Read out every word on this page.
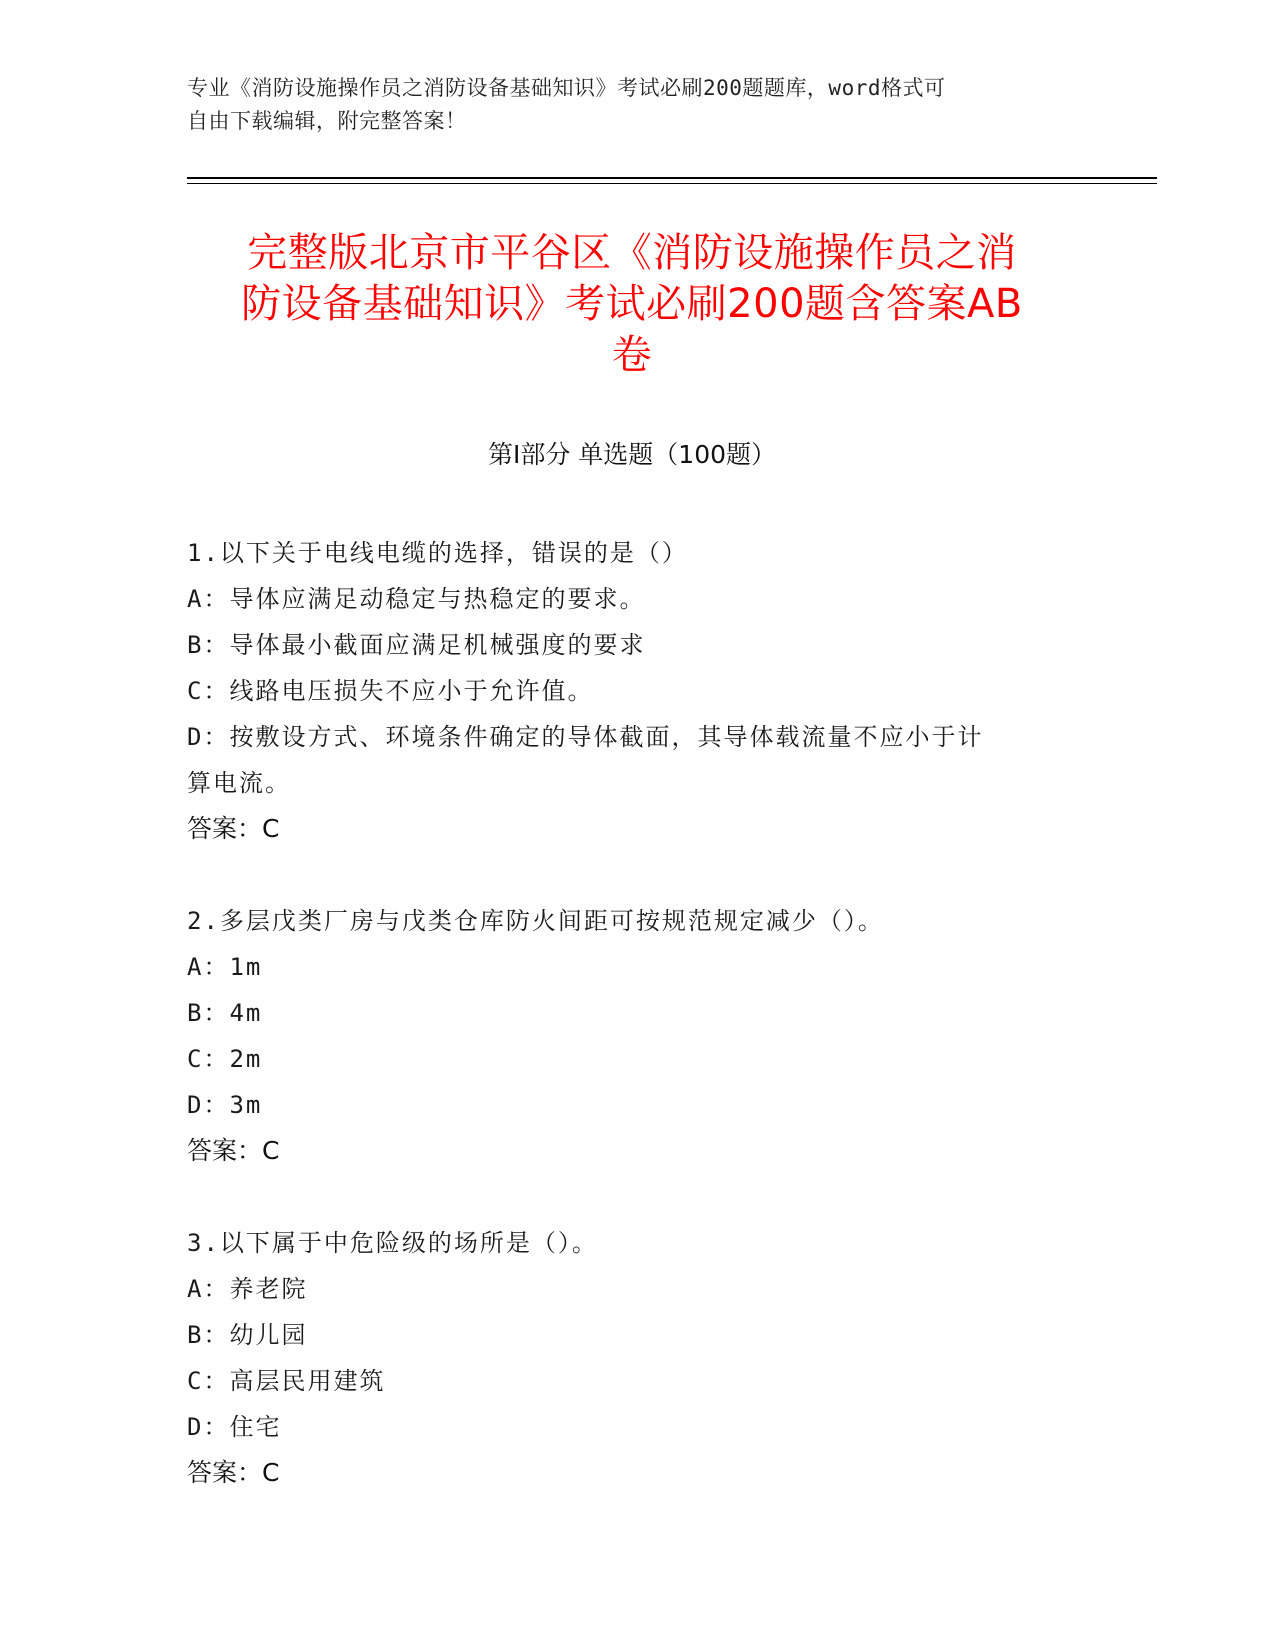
专业《消防设施操作员之消防设备基础知识》考试必刷200题题库，word格式可
自由下载编辑，附完整答案！
完整版北京市平谷区《消防设施操作员之消
防设备基础知识》考试必刷200题含答案AB
卷
第Ⅰ部分 单选题（100题）
1.以下关于电线电缆的选择，错误的是（）
A：导体应满足动稳定与热稳定的要求。
B：导体最小截面应满足机械强度的要求
C：线路电压损失不应小于允许值。
D：按敷设方式、环境条件确定的导体截面，其导体载流量不应小于计
算电流。
答案：C
2.多层戊类厂房与戊类仓库防火间距可按规范规定减少（）。
A：1m
B：4m
C：2m
D：3m
答案：C
3.以下属于中危险级的场所是（）。
A：养老院
B：幼儿园
C：高层民用建筑
D：住宅
答案：C
